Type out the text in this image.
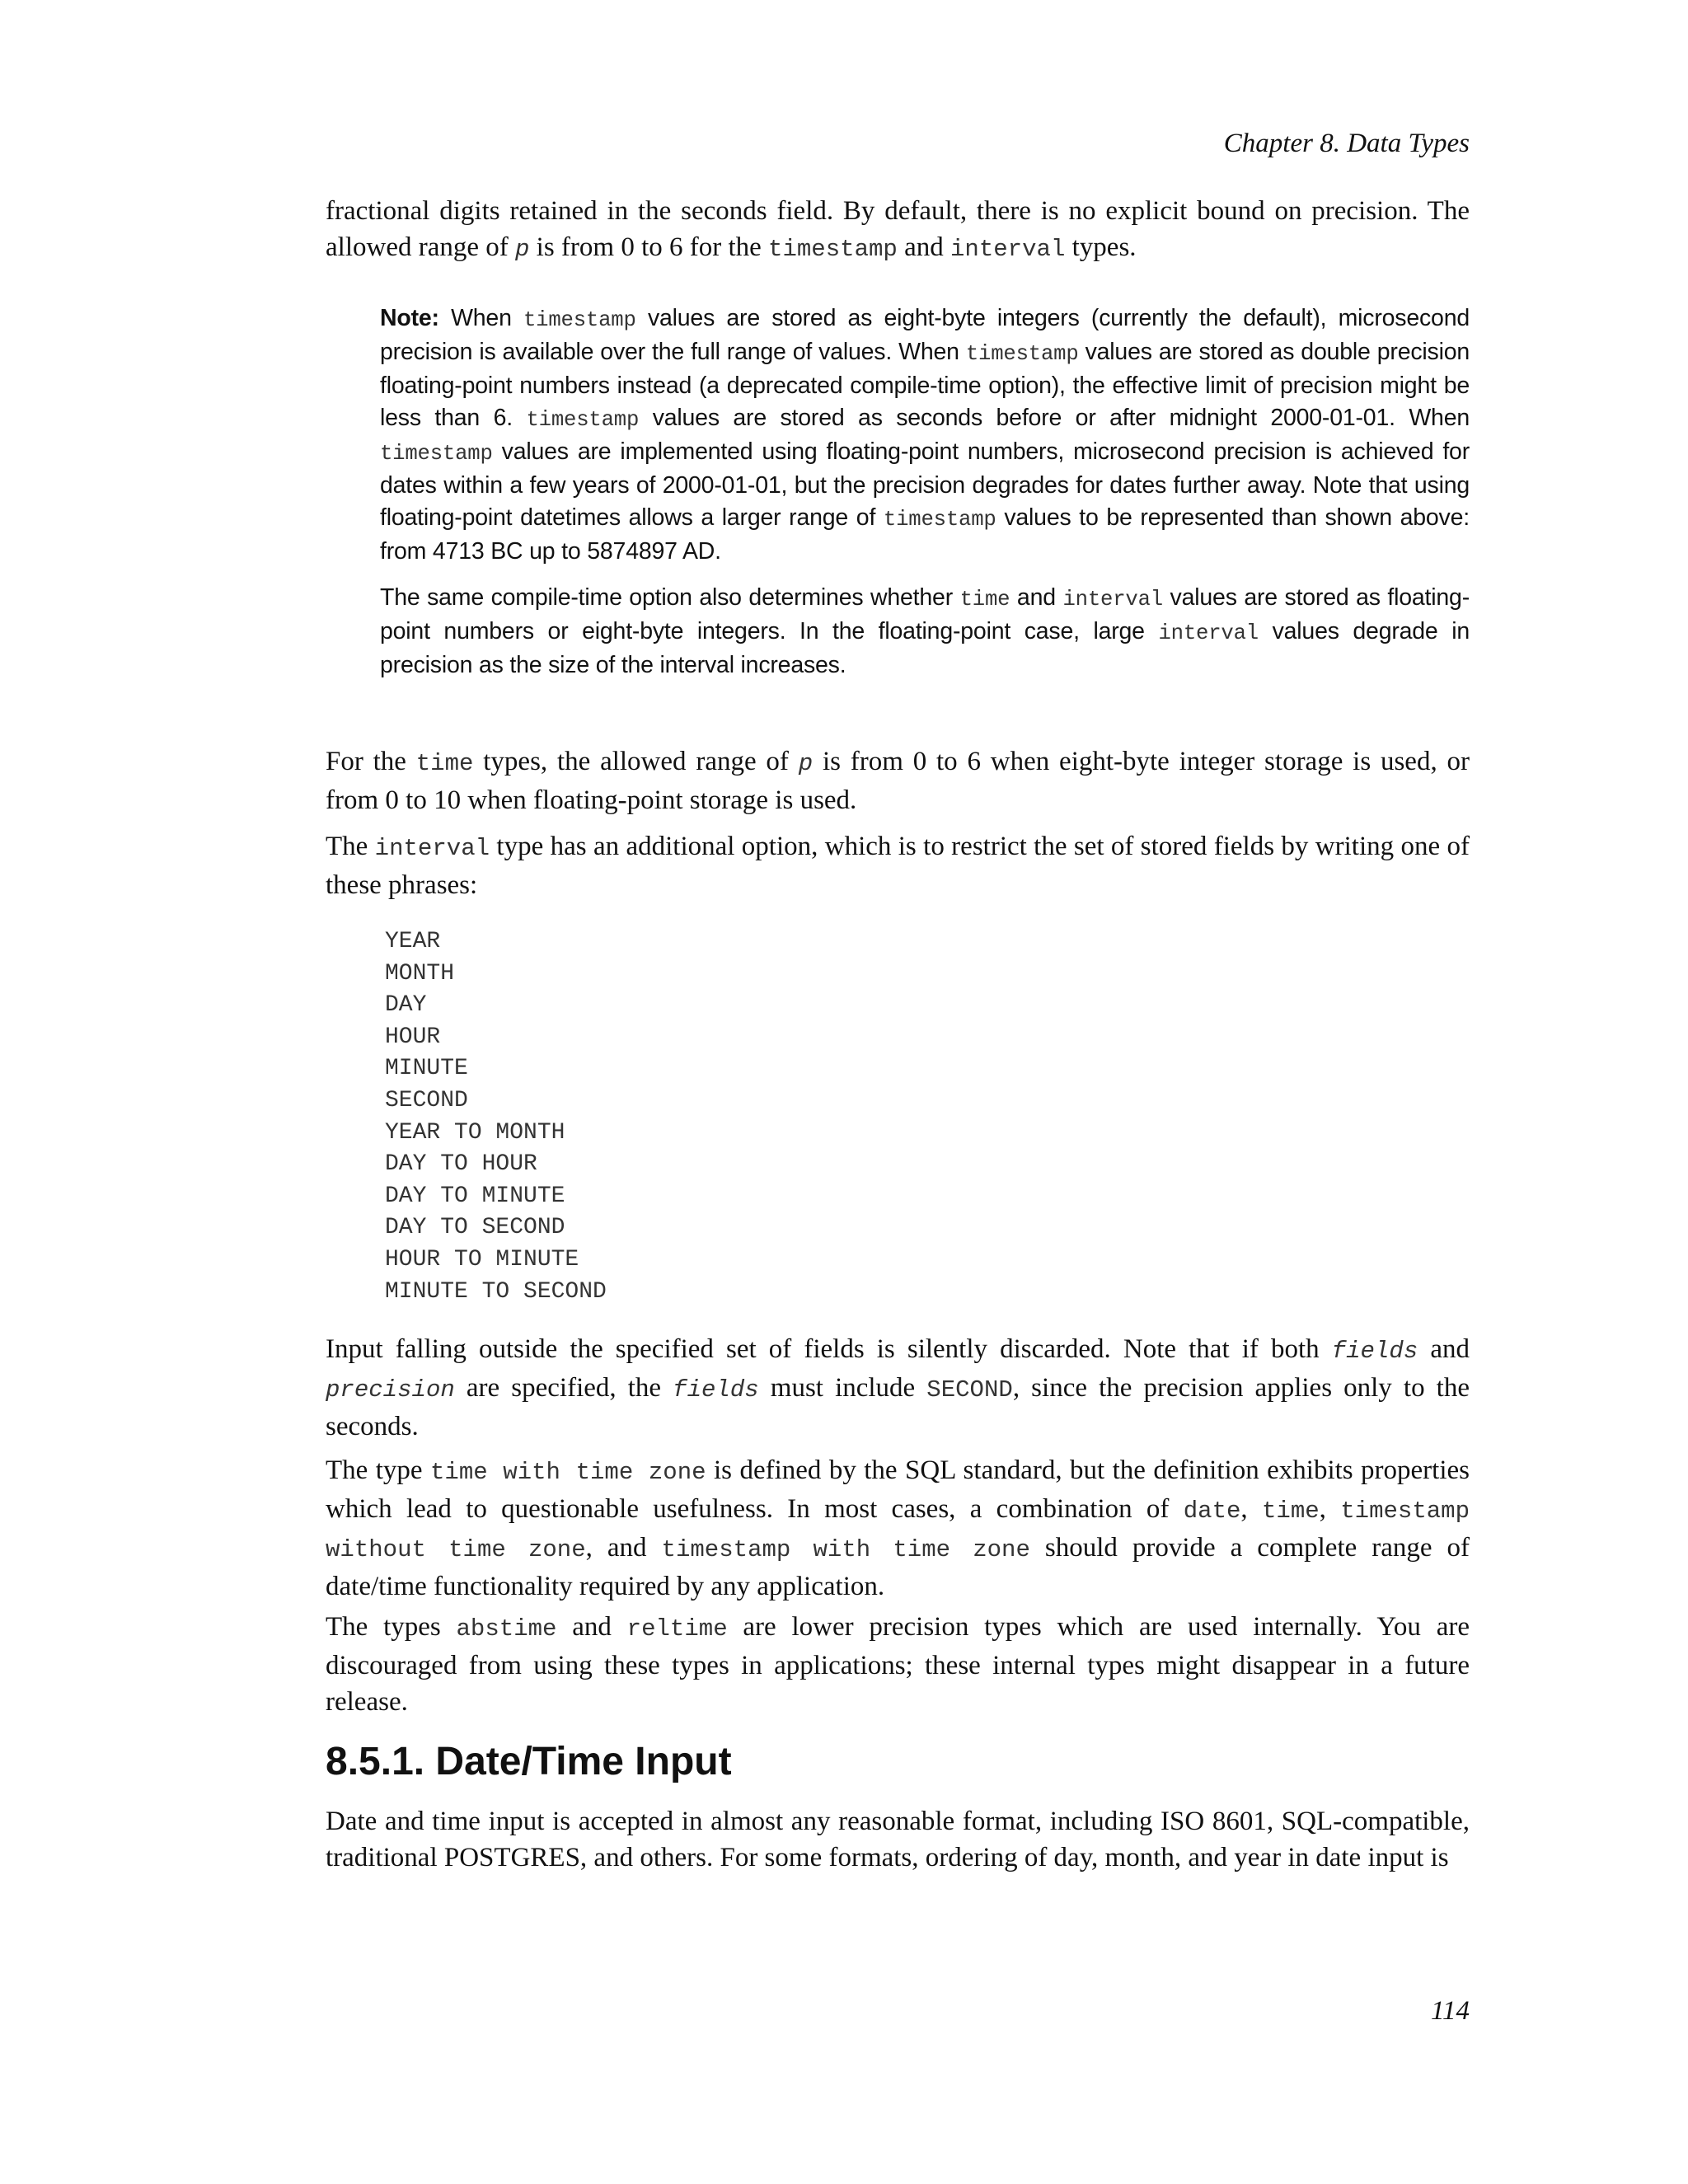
Chapter 8. Data Types

fractional digits retained in the seconds field. By default, there is no explicit bound on precision. The allowed range of p is from 0 to 6 for the timestamp and interval types.

Note: When timestamp values are stored as eight-byte integers (currently the default), microsecond precision is available over the full range of values. When timestamp values are stored as double precision floating-point numbers instead (a deprecated compile-time option), the effective limit of precision might be less than 6. timestamp values are stored as seconds before or after midnight 2000-01-01. When timestamp values are implemented using floating-point numbers, microsecond precision is achieved for dates within a few years of 2000-01-01, but the precision degrades for dates further away. Note that using floating-point datetimes allows a larger range of timestamp values to be represented than shown above: from 4713 BC up to 5874897 AD.

The same compile-time option also determines whether time and interval values are stored as floating-point numbers or eight-byte integers. In the floating-point case, large interval values degrade in precision as the size of the interval increases.

For the time types, the allowed range of p is from 0 to 6 when eight-byte integer storage is used, or from 0 to 10 when floating-point storage is used.

The interval type has an additional option, which is to restrict the set of stored fields by writing one of these phrases:

YEAR
MONTH
DAY
HOUR
MINUTE
SECOND
YEAR TO MONTH
DAY TO HOUR
DAY TO MINUTE
DAY TO SECOND
HOUR TO MINUTE
MINUTE TO SECOND

Input falling outside the specified set of fields is silently discarded. Note that if both fields and precision are specified, the fields must include SECOND, since the precision applies only to the seconds.

The type time with time zone is defined by the SQL standard, but the definition exhibits properties which lead to questionable usefulness. In most cases, a combination of date, time, timestamp without time zone, and timestamp with time zone should provide a complete range of date/time functionality required by any application.

The types abstime and reltime are lower precision types which are used internally. You are discouraged from using these types in applications; these internal types might disappear in a future release.

8.5.1. Date/Time Input

Date and time input is accepted in almost any reasonable format, including ISO 8601, SQL-compatible, traditional POSTGRES, and others. For some formats, ordering of day, month, and year in date input is

114
